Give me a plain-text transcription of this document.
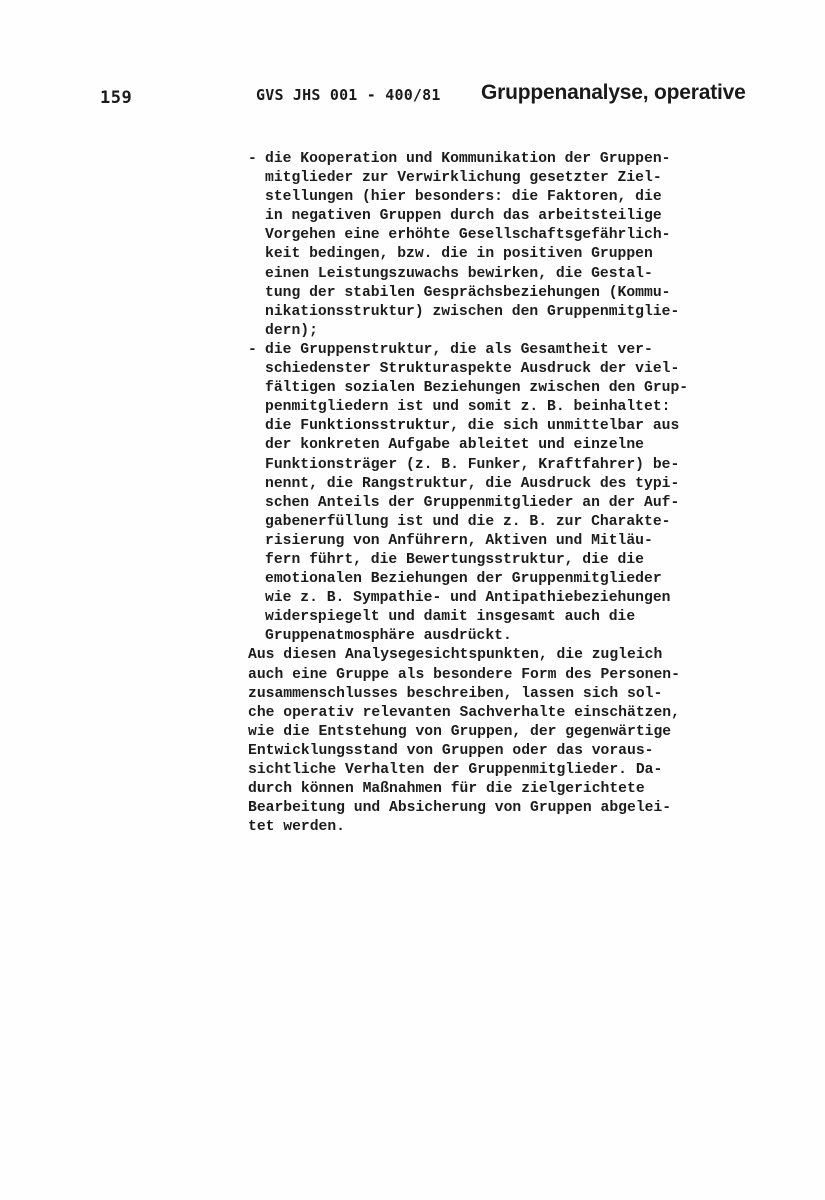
159	GVS JHS 001 - 400/81 Gruppenanalyse, operative
- die Kooperation und Kommunikation der Gruppen-
mitglieder zur Verwirklichung gesetzter Ziel-
stellungen (hier besonders: die Faktoren, die
in negativen Gruppen durch das arbeitsteilige
Vorgehen eine erhöhte Gesellschaftsgefährlich-
keit bedingen, bzw. die in positiven Gruppen
einen Leistungszuwachs bewirken, die Gestal-
tung der stabilen Gesprächsbeziehungen (Kommu-
nikationsstruktur) zwischen den Gruppenmitglie-
dern);
- die Gruppenstruktur, die als Gesamtheit ver-
schiedenster Strukturaspekte Ausdruck der viel-
fältigen sozialen Beziehungen zwischen den Grup-
penmitgliedern ist und somit z. B. beinhaltet:
die Funktionsstruktur, die sich unmittelbar aus
der konkreten Aufgabe ableitet und einzelne
Funktionsträger (z. B. Funker, Kraftfahrer) be-
nennt, die Rangstruktur, die Ausdruck des typi-
schen Anteils der Gruppenmitglieder an der Auf-
gabenerfüllung ist und die z. B. zur Charakte-
risierung von Anführern, Aktiven und Mitläu-
fern führt, die Bewertungsstruktur, die die
emotionalen Beziehungen der Gruppenmitglieder
wie z. B. Sympathie- und Antipathiebeziehungen
widerspiegelt und damit insgesamt auch die
Gruppenatmosphäre ausdrückt.

Aus diesen Analysegesichtspunkten, die zugleich
auch eine Gruppe als besondere Form des Personen-
zusammenschlusses beschreiben, lassen sich sol-
che operativ relevanten Sachverhalte einschätzen,
wie die Entstehung von Gruppen, der gegenwärtige
Entwicklungsstand von Gruppen oder das voraus-
sichtliche Verhalten der Gruppenmitglieder. Da-
durch können Maßnahmen für die zielgerichtete
Bearbeitung und Absicherung von Gruppen abgelei-
tet werden.
